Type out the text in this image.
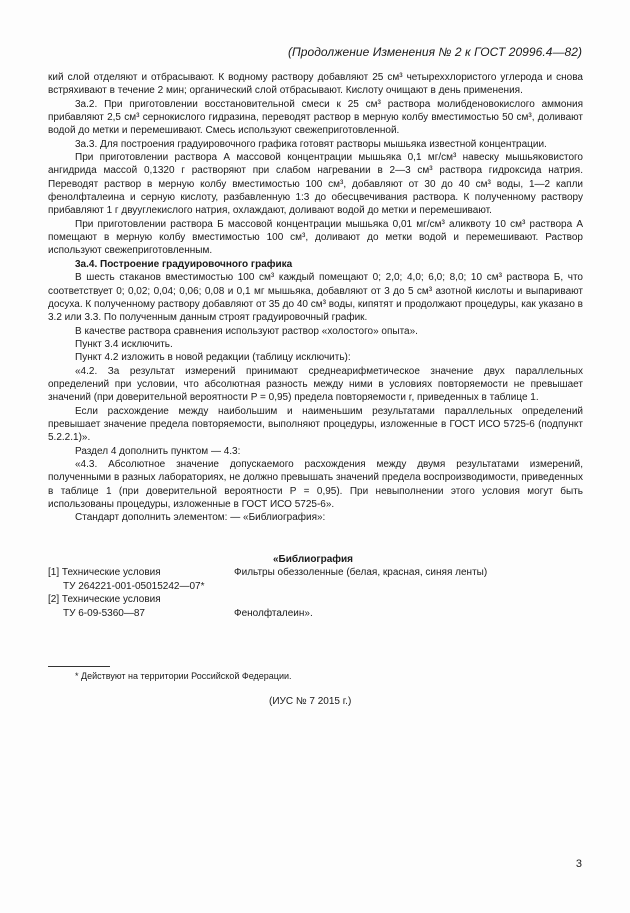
(Продолжение Изменения № 2 к ГОСТ 20996.4—82)

кий слой отделяют и отбрасывают. К водному раствору добавляют 25 см³ четыреххлористого углерода и снова встряхивают в течение 2 мин; органический слой отбрасывают. Кислоту очищают в день применения.

3а.2. При приготовлении восстановительной смеси к 25 см³ раствора молибденовокислого аммония прибавляют 2,5 см³ сернокислого гидразина, переводят раствор в мерную колбу вместимостью 50 см³, доливают водой до метки и перемешивают. Смесь используют свежеприготовленной.

3а.3. Для построения градуировочного графика готовят растворы мышьяка известной концентрации.

При приготовлении раствора А массовой концентрации мышьяка 0,1 мг/см³ навеску мышьяковистого ангидрида массой 0,1320 г растворяют при слабом нагревании в 2—3 см³ раствора гидроксида натрия. Переводят раствор в мерную колбу вместимостью 100 см³, добавляют от 30 до 40 см³ воды, 1—2 капли фенолфталеина и серную кислоту, разбавленную 1:3 до обесцвечивания раствора. К полученному раствору прибавляют 1 г двууглекислого натрия, охлаждают, доливают водой до метки и перемешивают.

При приготовлении раствора Б массовой концентрации мышьяка 0,01 мг/см³ аликвоту 10 см³ раствора А помещают в мерную колбу вместимостью 100 см³, доливают до метки водой и перемешивают. Раствор используют свежеприготовленным.

3а.4. Построение градуировочного графика

В шесть стаканов вместимостью 100 см³ каждый помещают 0; 2,0; 4,0; 6,0; 8,0; 10 см³ раствора Б, что соответствует 0; 0,02; 0,04; 0,06; 0,08 и 0,1 мг мышьяка, добавляют от 3 до 5 см³ азотной кислоты и выпаривают досуха. К полученному раствору добавляют от 35 до 40 см³ воды, кипятят и продолжают процедуры, как указано в 3.2 или 3.3. По полученным данным строят градуировочный график.

В качестве раствора сравнения используют раствор «холостого» опыта».

Пункт 3.4 исключить.

Пункт 4.2 изложить в новой редакции (таблицу исключить):

«4.2. За результат измерений принимают среднеарифметическое значение двух параллельных определений при условии, что абсолютная разность между ними в условиях повторяемости не превышает значений (при доверительной вероятности P = 0,95) предела повторяемости r, приведенных в таблице 1.

Если расхождение между наибольшим и наименьшим результатами параллельных определений превышает значение предела повторяемости, выполняют процедуры, изложенные в ГОСТ ИСО 5725-6 (подпункт 5.2.2.1)».

Раздел 4 дополнить пунктом — 4.3:

«4.3. Абсолютное значение допускаемого расхождения между двумя результатами измерений, полученными в разных лабораториях, не должно превышать значений предела воспроизводимости, приведенных в таблице 1 (при доверительной вероятности P = 0,95). При невыполнении этого условия могут быть использованы процедуры, изложенные в ГОСТ ИСО 5725-6».

Стандарт дополнить элементом: — «Библиография»:

«Библиография
[1] Технические условия	Фильтры обеззоленные (белая, красная, синяя ленты)
ТУ 264221-001-05015242—07*
[2] Технические условия
ТУ 6-09-5360—87	Фенолфталеин».
* Действуют на территории Российской Федерации.
(ИУС № 7 2015 г.)
3
